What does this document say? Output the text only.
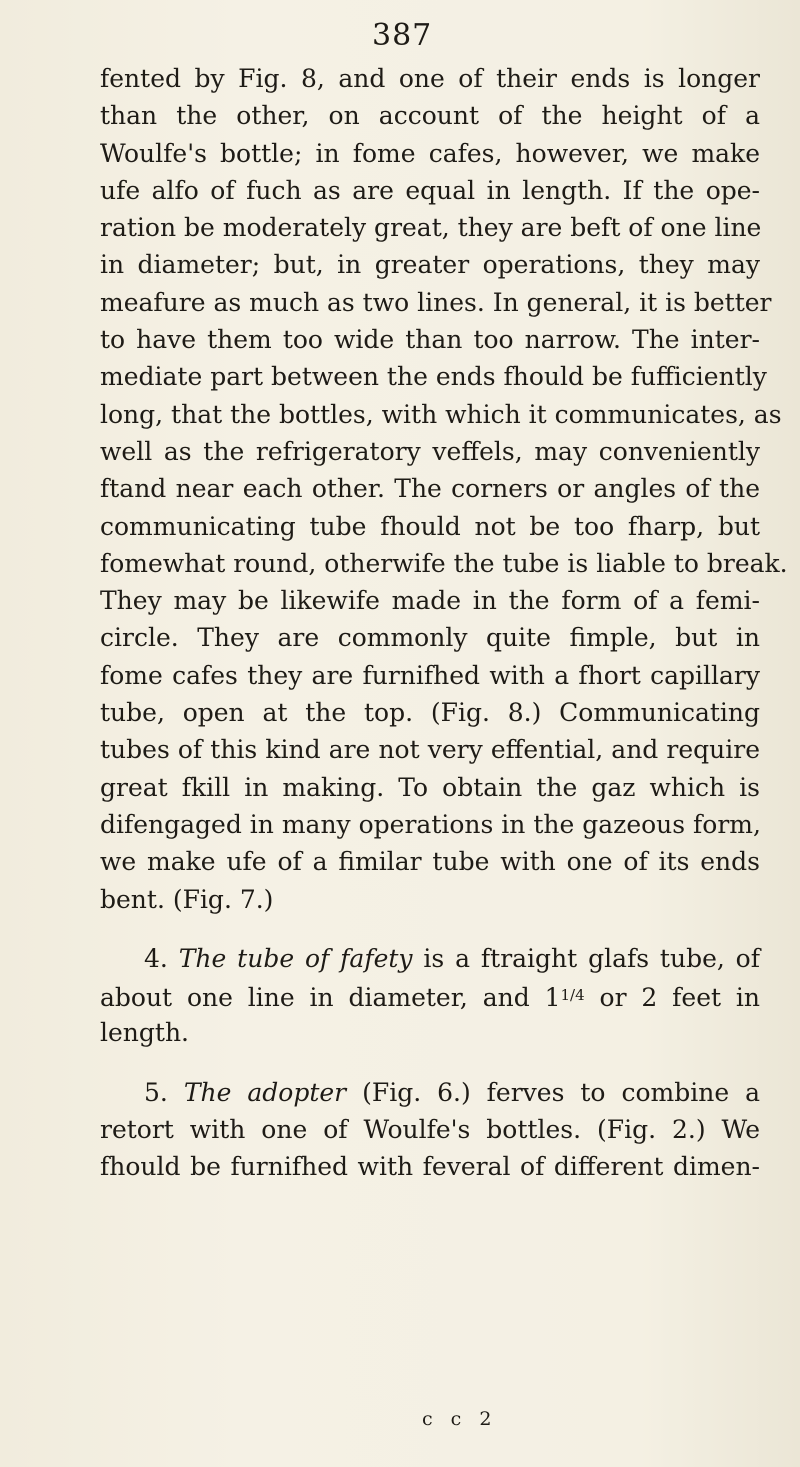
387
fented by Fig. 8, and one of their ends is longer
than the other, on account of the height of a
Woulfe's bottle; in fome cafes, however, we make
ufe alfo of fuch as are equal in length. If the ope-
ration be moderately great, they are beft of one line
in diameter; but, in greater operations, they may
meafure as much as two lines. In general, it is better
to have them too wide than too narrow. The inter-
mediate part between the ends fhould be fufficiently
long, that the bottles, with which it communicates, as
well as the refrigeratory veffels, may conveniently
ftand near each other. The corners or angles of the
communicating tube fhould not be too fharp, but
fomewhat round, otherwife the tube is liable to break.
They may be likewife made in the form of a femi-
circle. They are commonly quite fimple, but in
fome cafes they are furnifhed with a fhort capillary
tube, open at the top. (Fig. 8.) Communicating
tubes of this kind are not very effential, and require
great fkill in making. To obtain the gaz which is
difengaged in many operations in the gazeous form,
we make ufe of a fimilar tube with one of its ends
bent. (Fig. 7.)
4. The tube of fafety is a ftraight glafs tube, of
about one line in diameter, and $1^{1/4}$ or 2 feet in
length.
5. The adopter (Fig. 6.) ferves to combine a
retort with one of Woulfe's bottles. (Fig. 2.) We
fhould be furnifhed with feveral of different dimen-
c c 2
